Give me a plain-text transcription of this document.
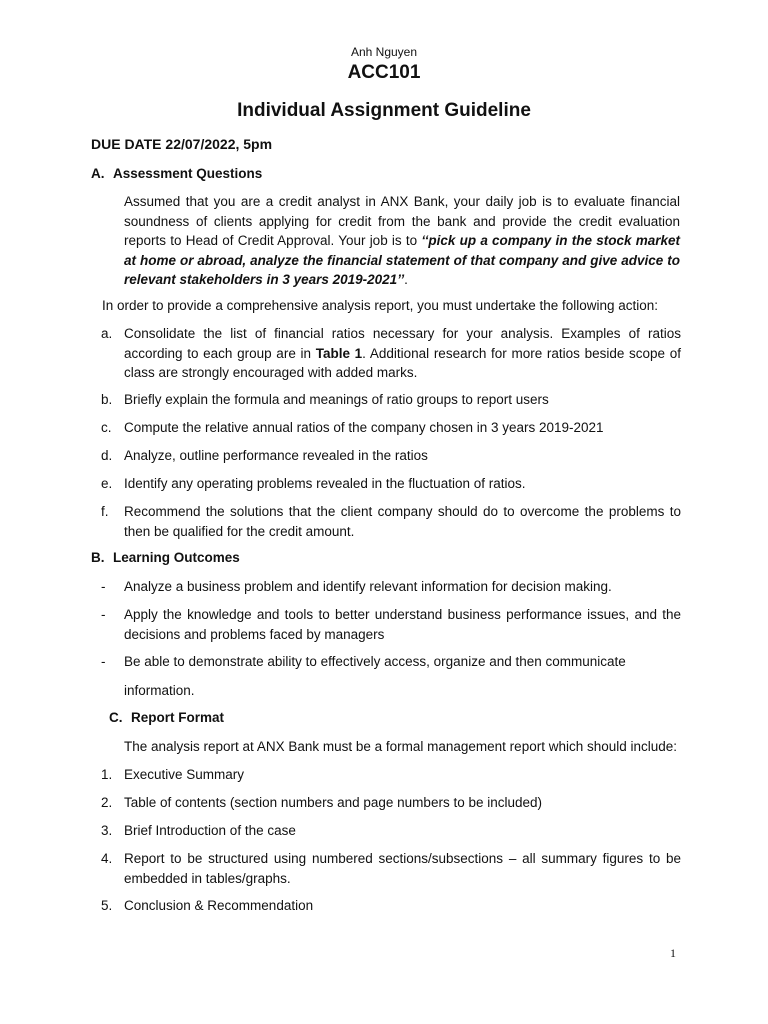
Anh Nguyen
ACC101
Individual Assignment Guideline
DUE DATE 22/07/2022, 5pm
A. Assessment Questions
Assumed that you are a credit analyst in ANX Bank, your daily job is to evaluate financial soundness of clients applying for credit from the bank and provide the credit evaluation reports to Head of Credit Approval. Your job is to ‘‘pick up a company in the stock market at home or abroad, analyze the financial statement of that company and give advice to relevant stakeholders in 3 years 2019-2021’’.
In order to provide a comprehensive analysis report, you must undertake the following action:
a. Consolidate the list of financial ratios necessary for your analysis. Examples of ratios according to each group are in Table 1. Additional research for more ratios beside scope of class are strongly encouraged with added marks.
b. Briefly explain the formula and meanings of ratio groups to report users
c. Compute the relative annual ratios of the company chosen in 3 years 2019-2021
d. Analyze, outline performance revealed in the ratios
e. Identify any operating problems revealed in the fluctuation of ratios.
f. Recommend the solutions that the client company should do to overcome the problems to then be qualified for the credit amount.
B. Learning Outcomes
- Analyze a business problem and identify relevant information for decision making.
- Apply the knowledge and tools to better understand business performance issues, and the decisions and problems faced by managers
- Be able to demonstrate ability to effectively access, organize and then communicate
information.
C. Report Format
The analysis report at ANX Bank must be a formal management report which should include:
1. Executive Summary
2. Table of contents (section numbers and page numbers to be included)
3. Brief Introduction of the case
4. Report to be structured using numbered sections/subsections – all summary figures to be embedded in tables/graphs.
5. Conclusion & Recommendation
1
